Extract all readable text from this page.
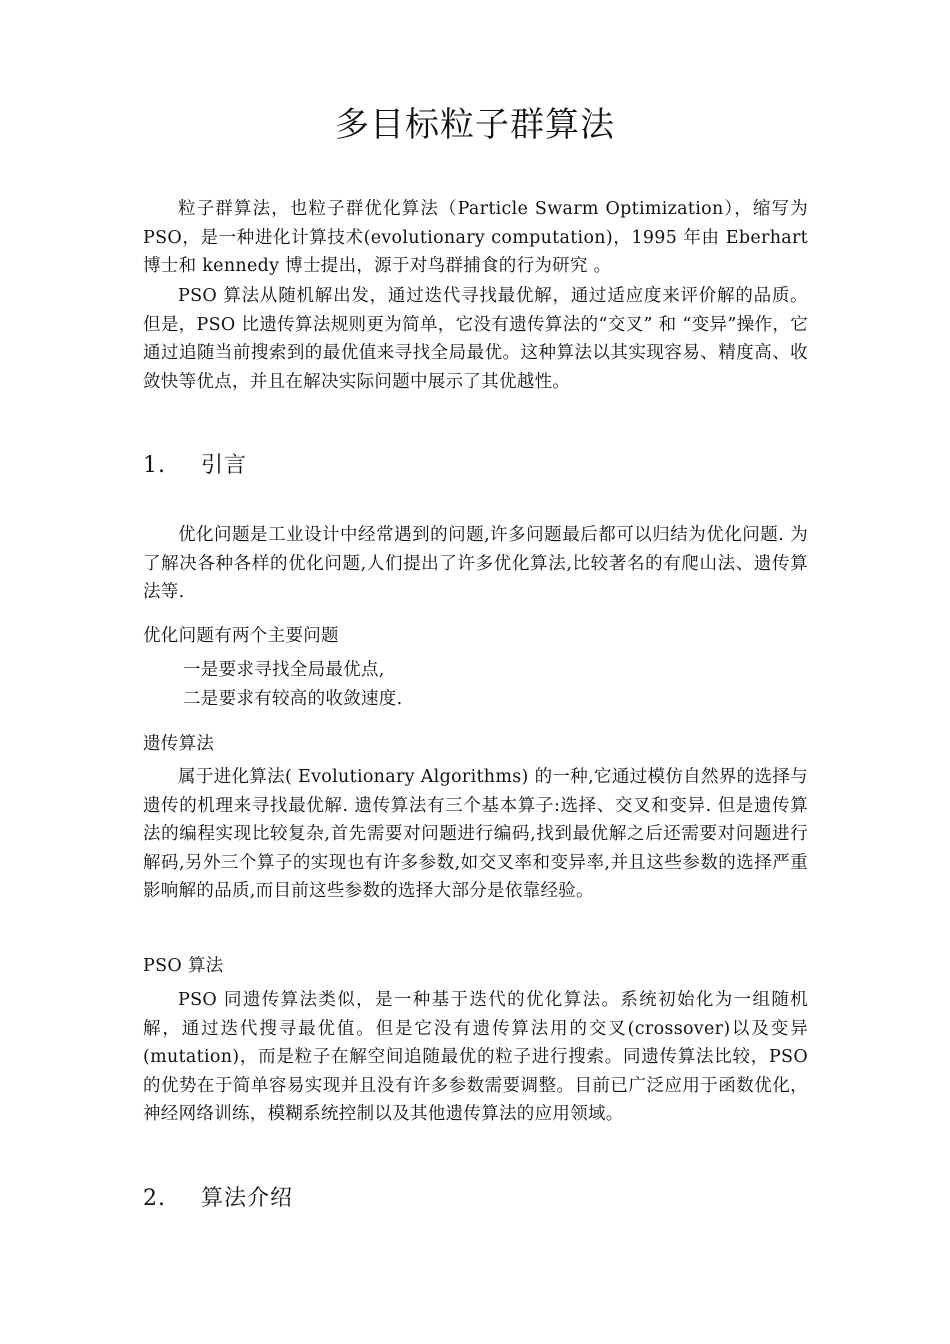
多目标粒子群算法

粒子群算法，也粒子群优化算法（Particle Swarm Optimization），缩写为 PSO，是一种进化计算技术(evolutionary computation)，1995 年由 Eberhart 博士和 kennedy 博士提出，源于对鸟群捕食的行为研究 。

PSO 算法从随机解出发，通过迭代寻找最优解，通过适应度来评价解的品质。但是，PSO 比遗传算法规则更为简单，它没有遗传算法的“交叉” 和 “变异”操作，它通过追随当前搜索到的最优值来寻找全局最优。这种算法以其实现容易、精度高、收敛快等优点，并且在解决实际问题中展示了其优越性。

1. 引言

优化问题是工业设计中经常遇到的问题,许多问题最后都可以归结为优化问题. 为了解决各种各样的优化问题,人们提出了许多优化算法,比较著名的有爬山法、遗传算法等.

优化问题有两个主要问题

一是要求寻找全局最优点,

二是要求有较高的收敛速度.

遗传算法

属于进化算法( Evolutionary Algorithms) 的一种,它通过模仿自然界的选择与遗传的机理来寻找最优解. 遗传算法有三个基本算子:选择、交叉和变异. 但是遗传算法的编程实现比较复杂,首先需要对问题进行编码,找到最优解之后还需要对问题进行解码,另外三个算子的实现也有许多参数,如交叉率和变异率,并且这些参数的选择严重影响解的品质,而目前这些参数的选择大部分是依靠经验。

PSO 算法

PSO 同遗传算法类似，是一种基于迭代的优化算法。系统初始化为一组随机解，通过迭代搜寻最优值。但是它没有遗传算法用的交叉(crossover)以及变异(mutation)，而是粒子在解空间追随最优的粒子进行搜索。同遗传算法比较，PSO 的优势在于简单容易实现并且没有许多参数需要调整。目前已广泛应用于函数优化，神经网络训练，模糊系统控制以及其他遗传算法的应用领域。

2. 算法介绍
